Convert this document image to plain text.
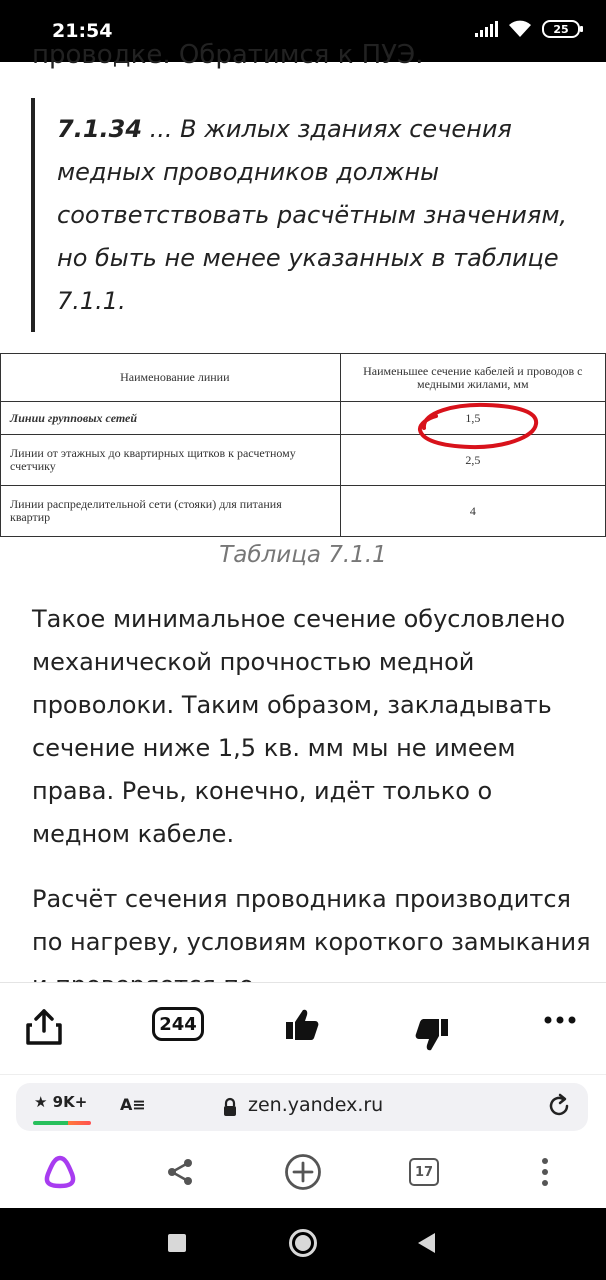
21:54	25
проводке. Обратимся к ПУЭ.

7.1.34 ... В жилых зданиях сечения медных проводников должны соответствовать расчётным значениям, но быть не менее указанных в таблице 7.1.1.

Наименование линии	Наименьшее сечение кабелей и проводов с медными жилами, мм
Линии групповых сетей	1,5
Линии от этажных до квартирных щитков к расчетному счетчику	2,5
Линии распределительной сети (стояки) для питания квартир	4
Таблица 7.1.1

Такое минимальное сечение обусловлено механической прочностью медной проволоки. Таким образом, закладывать сечение ниже 1,5 кв. мм мы не имеем права. Речь, конечно, идёт только о медном кабеле.

Расчёт сечения проводника производится по нагреву, условиям короткого замыкания

244
★ 9K+ A≡	zen.yandex.ru
17
